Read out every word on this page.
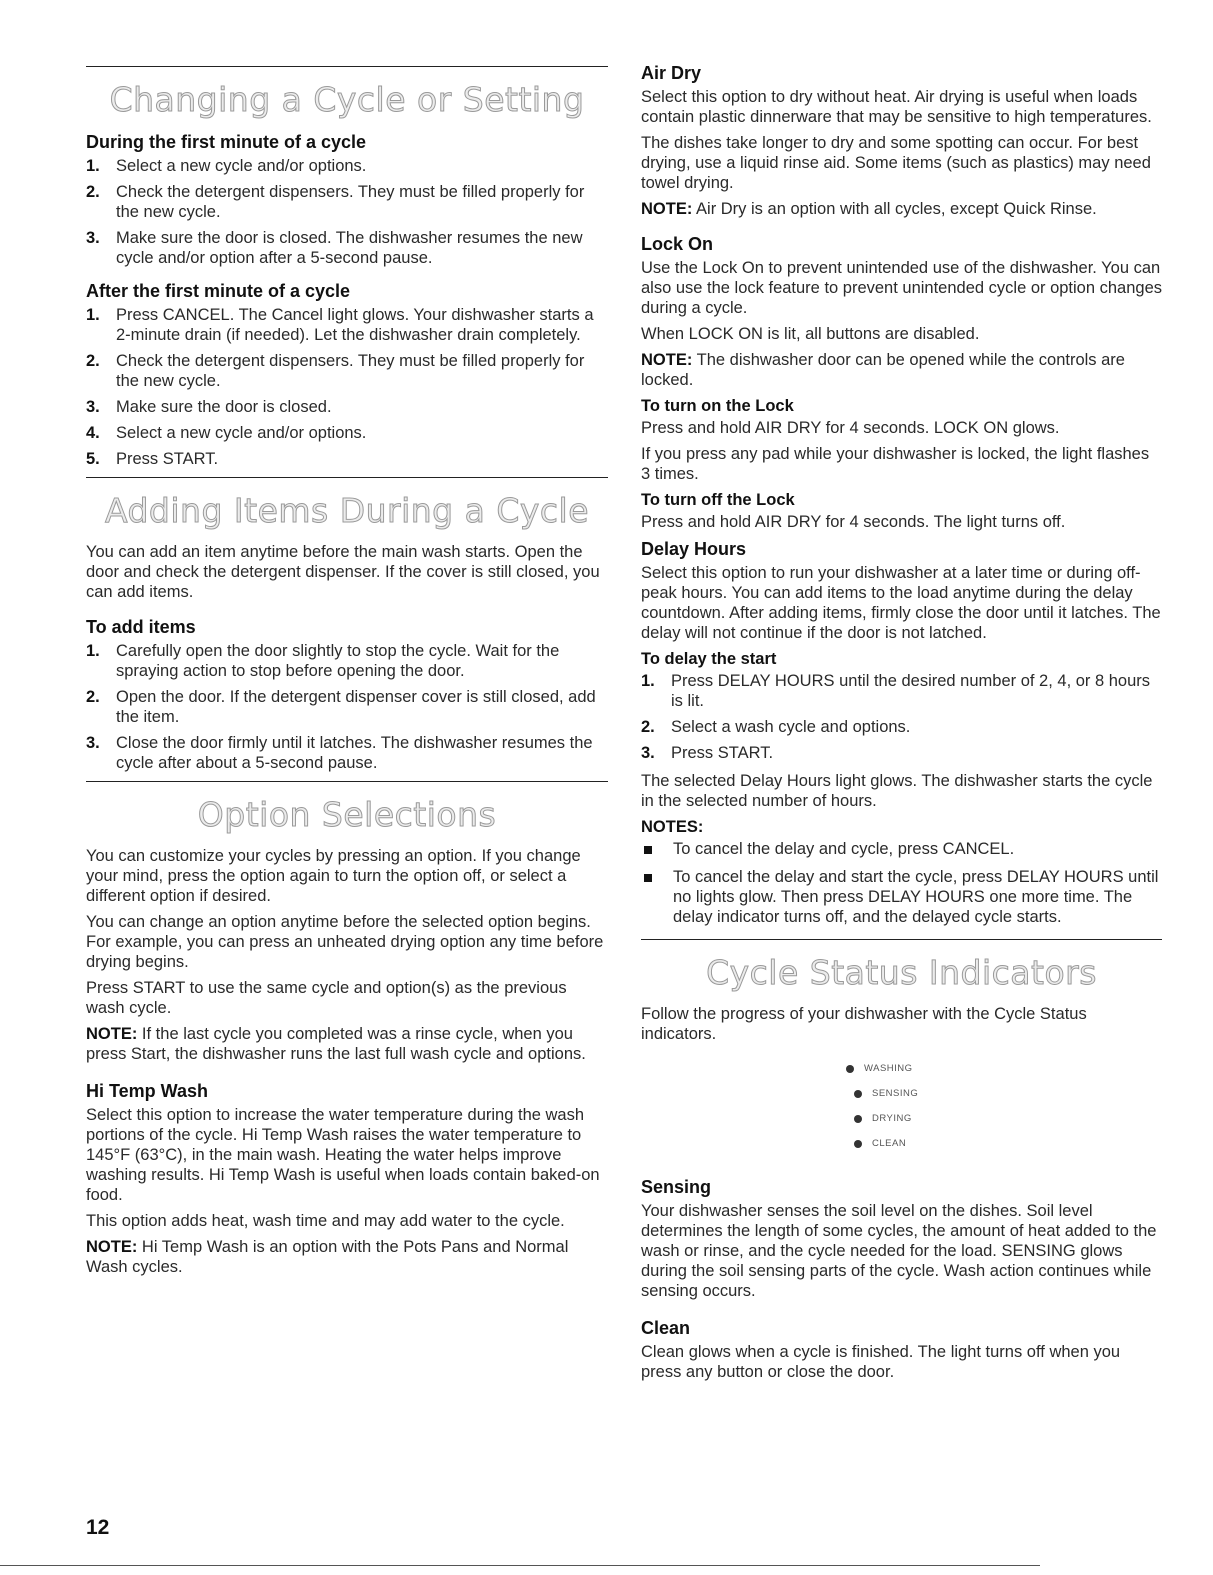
Changing a Cycle or Setting
During the first minute of a cycle
1. Select a new cycle and/or options.
2. Check the detergent dispensers. They must be filled properly for the new cycle.
3. Make sure the door is closed. The dishwasher resumes the new cycle and/or option after a 5-second pause.
After the first minute of a cycle
1. Press CANCEL. The Cancel light glows. Your dishwasher starts a 2-minute drain (if needed). Let the dishwasher drain completely.
2. Check the detergent dispensers. They must be filled properly for the new cycle.
3. Make sure the door is closed.
4. Select a new cycle and/or options.
5. Press START.
Adding Items During a Cycle

You can add an item anytime before the main wash starts. Open the door and check the detergent dispenser. If the cover is still closed, you can add items.

To add items
1. Carefully open the door slightly to stop the cycle. Wait for the spraying action to stop before opening the door.
2. Open the door. If the detergent dispenser cover is still closed, add the item.
3. Close the door firmly until it latches. The dishwasher resumes the cycle after about a 5-second pause.
Option Selections

You can customize your cycles by pressing an option. If you change your mind, press the option again to turn the option off, or select a different option if desired.

You can change an option anytime before the selected option begins. For example, you can press an unheated drying option any time before drying begins.

Press START to use the same cycle and option(s) as the previous wash cycle.

NOTE: If the last cycle you completed was a rinse cycle, when you press Start, the dishwasher runs the last full wash cycle and options.

Hi Temp Wash

Select this option to increase the water temperature during the wash portions of the cycle. Hi Temp Wash raises the water temperature to 145°F (63°C), in the main wash. Heating the water helps improve washing results. Hi Temp Wash is useful when loads contain baked-on food.

This option adds heat, wash time and may add water to the cycle.

NOTE: Hi Temp Wash is an option with the Pots Pans and Normal Wash cycles.

Air Dry

Select this option to dry without heat. Air drying is useful when loads contain plastic dinnerware that may be sensitive to high temperatures.

The dishes take longer to dry and some spotting can occur. For best drying, use a liquid rinse aid. Some items (such as plastics) may need towel drying.

NOTE: Air Dry is an option with all cycles, except Quick Rinse.

Lock On

Use the Lock On to prevent unintended use of the dishwasher. You can also use the lock feature to prevent unintended cycle or option changes during a cycle.

When LOCK ON is lit, all buttons are disabled.

NOTE: The dishwasher door can be opened while the controls are locked.

To turn on the Lock

Press and hold AIR DRY for 4 seconds. LOCK ON glows.

If you press any pad while your dishwasher is locked, the light flashes 3 times.

To turn off the Lock

Press and hold AIR DRY for 4 seconds. The light turns off.

Delay Hours

Select this option to run your dishwasher at a later time or during off-peak hours. You can add items to the load anytime during the delay countdown. After adding items, firmly close the door until it latches. The delay will not continue if the door is not latched.

To delay the start
1. Press DELAY HOURS until the desired number of 2, 4, or 8 hours is lit.
2. Select a wash cycle and options.
3. Press START.

The selected Delay Hours light glows. The dishwasher starts the cycle in the selected number of hours.

NOTES:
To cancel the delay and cycle, press CANCEL.
To cancel the delay and start the cycle, press DELAY HOURS until no lights glow. Then press DELAY HOURS one more time. The delay indicator turns off, and the delayed cycle starts.
Cycle Status Indicators

Follow the progress of your dishwasher with the Cycle Status indicators.

WASHING
SENSING
DRYING
CLEAN
Sensing

Your dishwasher senses the soil level on the dishes. Soil level determines the length of some cycles, the amount of heat added to the wash or rinse, and the cycle needed for the load. SENSING glows during the soil sensing parts of the cycle. Wash action continues while sensing occurs.

Clean

Clean glows when a cycle is finished. The light turns off when you press any button or close the door.

12
